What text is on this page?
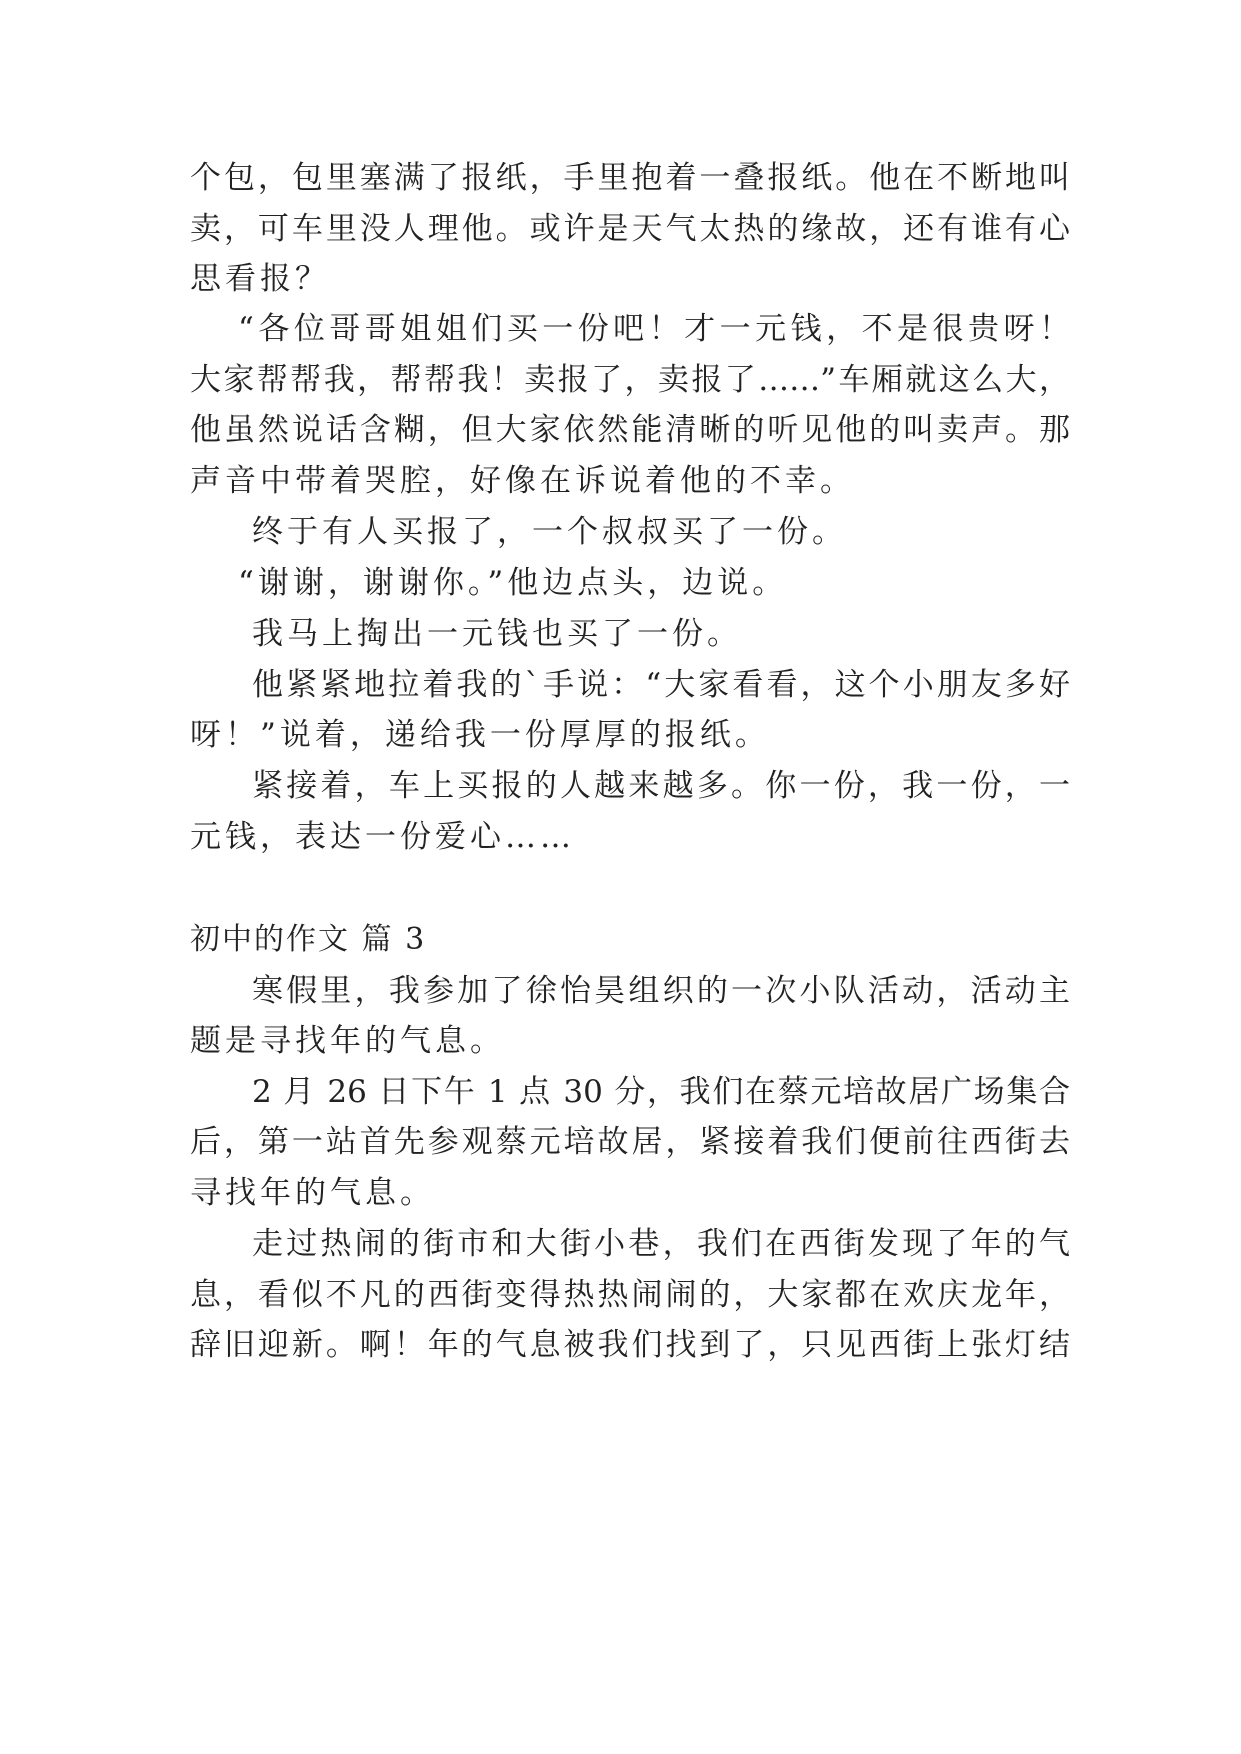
个包，包里塞满了报纸，手里抱着一叠报纸。他在不断地叫
卖，可车里没人理他。或许是天气太热的缘故，还有谁有心
思看报？
“各位哥哥姐姐们买一份吧！才一元钱，不是很贵呀！
大家帮帮我，帮帮我！卖报了，卖报了……”车厢就这么大，
他虽然说话含糊，但大家依然能清晰的听见他的叫卖声。那
声音中带着哭腔，好像在诉说着他的不幸。
终于有人买报了，一个叔叔买了一份。
“谢谢，谢谢你。”他边点头，边说。
我马上掏出一元钱也买了一份。
他紧紧地拉着我的`手说：“大家看看，这个小朋友多好
呀！”说着，递给我一份厚厚的报纸。
紧接着，车上买报的人越来越多。你一份，我一份，一
元钱，表达一份爱心……
初中的作文 篇 3
寒假里，我参加了徐怡昊组织的一次小队活动，活动主
题是寻找年的气息。
2 月 26 日下午 1 点 30 分，我们在蔡元培故居广场集合
后，第一站首先参观蔡元培故居，紧接着我们便前往西街去
寻找年的气息。
走过热闹的街市和大街小巷，我们在西街发现了年的气
息，看似不凡的西街变得热热闹闹的，大家都在欢庆龙年，
辞旧迎新。啊！年的气息被我们找到了，只见西街上张灯结
